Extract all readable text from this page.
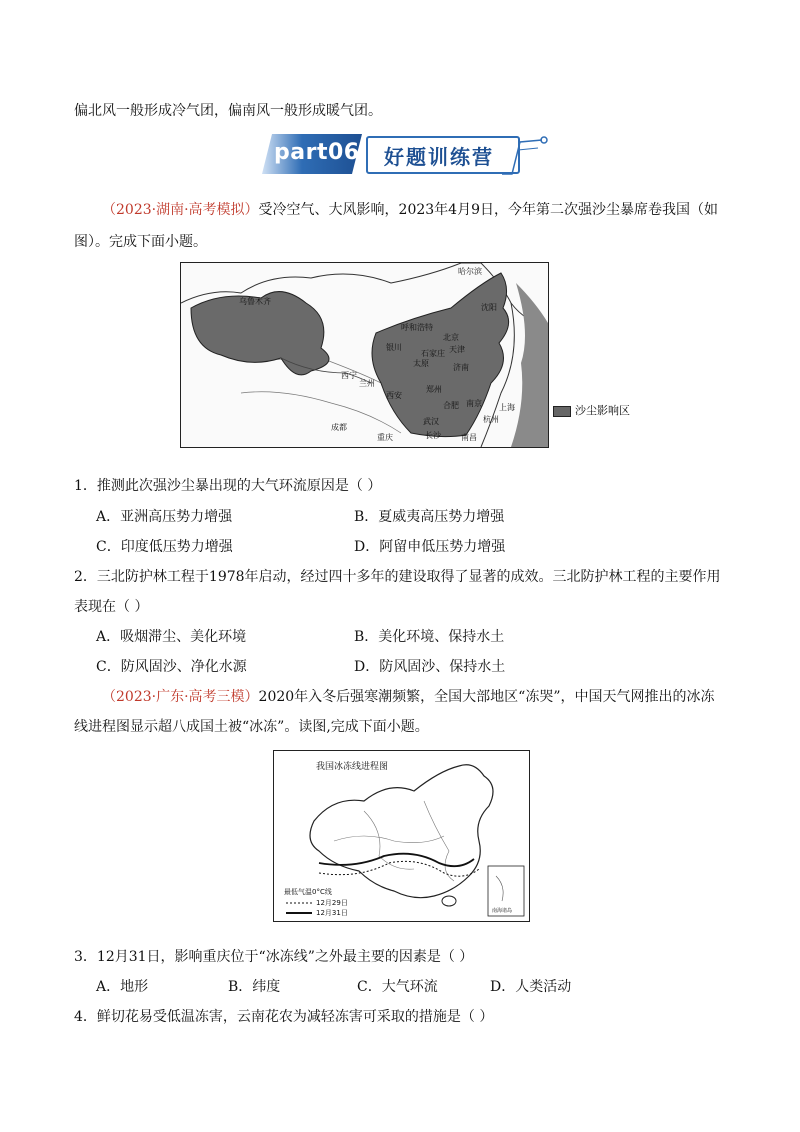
偏北风一般形成冷气团，偏南风一般形成暖气团。
part06 好题训练营
（2023·湖南·高考模拟）受冷空气、大风影响，2023年4月9日，今年第二次强沙尘暴席卷我国（如图）。完成下面小题。
哈尔滨
乌鲁木齐
呼和浩特
沈阳
北京
银川	天津
石家庄
太原	济南
西宁
兰州
郑州
西安
合肥 南京 上海
杭州
武汉
成都
重庆	长沙	南昌
沙尘影响区
1．推测此次强沙尘暴出现的大气环流原因是（ ）
A．亚洲高压势力增强	B．夏威夷高压势力增强
C．印度低压势力增强	D．阿留申低压势力增强
2．三北防护林工程于1978年启动，经过四十多年的建设取得了显著的成效。三北防护林工程的主要作用表现在（ ）
A．吸烟滞尘、美化环境	B．美化环境、保持水土
C．防风固沙、净化水源	D．防风固沙、保持水土
（2023·广东·高考三模）2020年入冬后强寒潮频繁，全国大部地区“冻哭”，中国天气网推出的冰冻线进程图显示超八成国土被“冰冻”。读图,完成下面小题。
我国冰冻线进程图
最低气温0°C线
12月29日
12月31日	南海诸岛
3．12月31日，影响重庆位于“冰冻线”之外最主要的因素是（ ）
A．地形	B．纬度	C．大气环流	D．人类活动
4．鲜切花易受低温冻害，云南花农为减轻冻害可采取的措施是（ ）
